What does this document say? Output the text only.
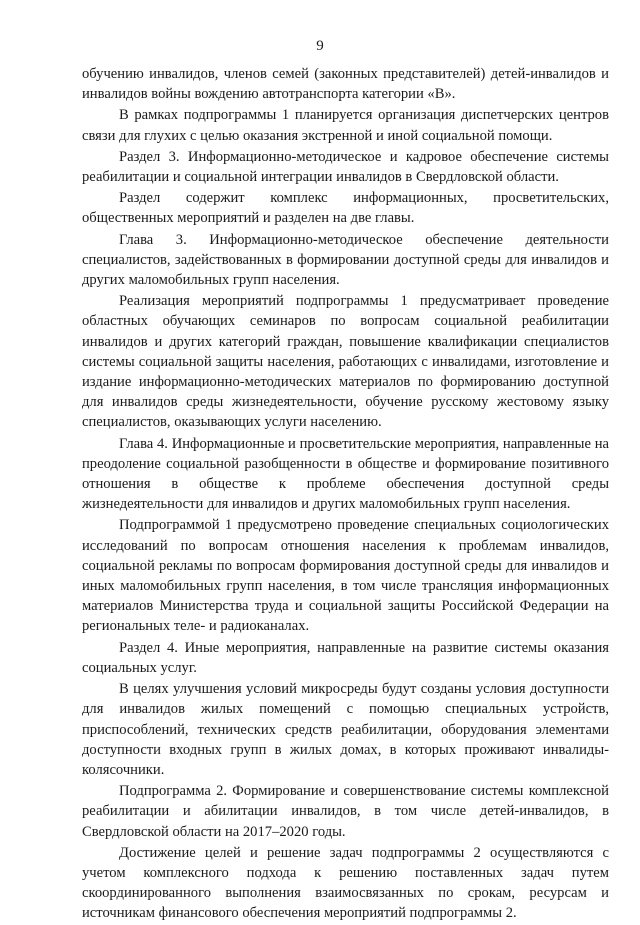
9

обучению инвалидов, членов семей (законных представителей) детей-инвалидов и инвалидов войны вождению автотранспорта категории «В».

В рамках подпрограммы 1 планируется организация диспетчерских центров связи для глухих с целью оказания экстренной и иной социальной помощи.

Раздел 3. Информационно-методическое и кадровое обеспечение системы реабилитации и социальной интеграции инвалидов в Свердловской области.

Раздел содержит комплекс информационных, просветительских, общественных мероприятий и разделен на две главы.

Глава 3. Информационно-методическое обеспечение деятельности специалистов, задействованных в формировании доступной среды для инвалидов и других маломобильных групп населения.

Реализация мероприятий подпрограммы 1 предусматривает проведение областных обучающих семинаров по вопросам социальной реабилитации инвалидов и других категорий граждан, повышение квалификации специалистов системы социальной защиты населения, работающих с инвалидами, изготовление и издание информационно-методических материалов по формированию доступной для инвалидов среды жизнедеятельности, обучение русскому жестовому языку специалистов, оказывающих услуги населению.

Глава 4. Информационные и просветительские мероприятия, направленные на преодоление социальной разобщенности в обществе и формирование позитивного отношения в обществе к проблеме обеспечения доступной среды жизнедеятельности для инвалидов и других маломобильных групп населения.

Подпрограммой 1 предусмотрено проведение специальных социологических исследований по вопросам отношения населения к проблемам инвалидов, социальной рекламы по вопросам формирования доступной среды для инвалидов и иных маломобильных групп населения, в том числе трансляция информационных материалов Министерства труда и социальной защиты Российской Федерации на региональных теле- и радиоканалах.

Раздел 4. Иные мероприятия, направленные на развитие системы оказания социальных услуг.

В целях улучшения условий микросреды будут созданы условия доступности для инвалидов жилых помещений с помощью специальных устройств, приспособлений, технических средств реабилитации, оборудования элементами доступности входных групп в жилых домах, в которых проживают инвалиды-колясочники.

Подпрограмма 2. Формирование и совершенствование системы комплексной реабилитации и абилитации инвалидов, в том числе детей-инвалидов, в Свердловской области на 2017–2020 годы.

Достижение целей и решение задач подпрограммы 2 осуществляются с учетом комплексного подхода к решению поставленных задач путем скоординированного выполнения взаимосвязанных по срокам, ресурсам и источникам финансового обеспечения мероприятий подпрограммы 2.
